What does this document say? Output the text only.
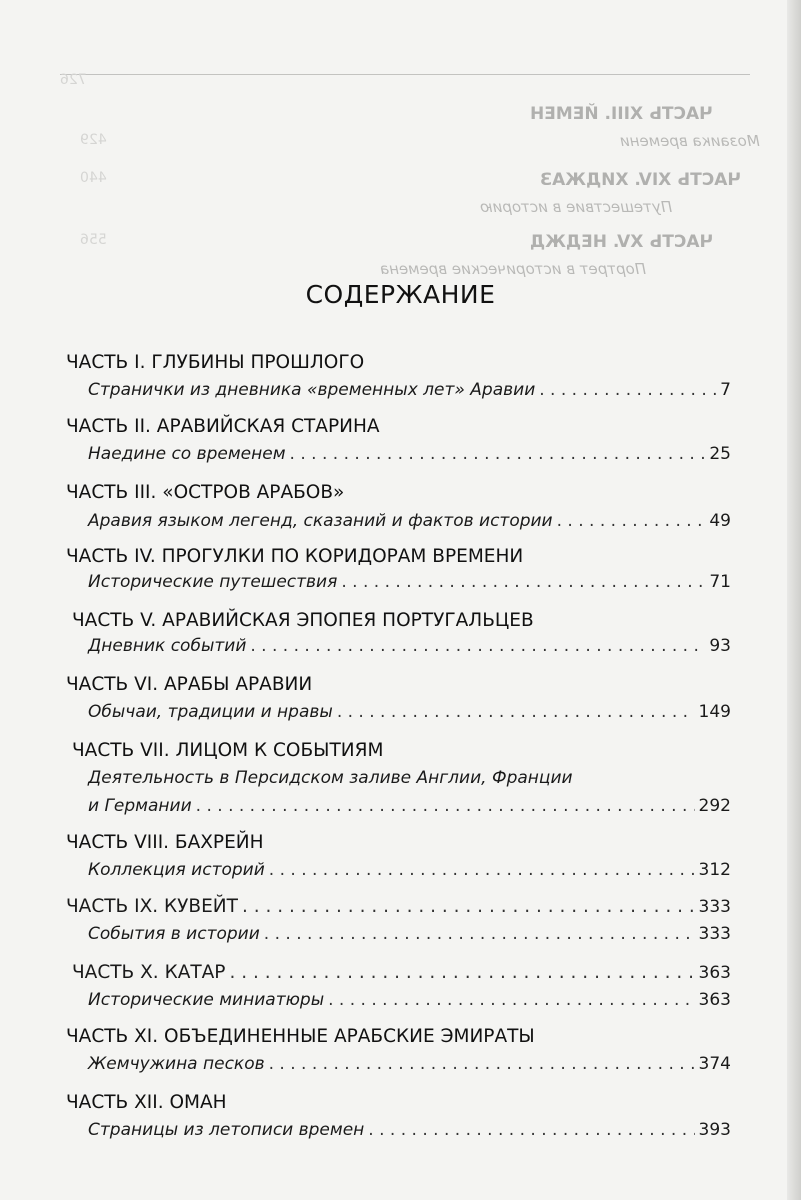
ЧАСТЬ XIII. ЙЕМЕН
ЧАСТЬ XIV. ХИДЖАЗ
ЧАСТЬ XV. НЕДЖД
Мозаика времени
Путешествие в историю
Портрет в исторические времена
726
429
440
556
СОДЕРЖАНИЕ
ЧАСТЬ I. ГЛУБИНЫ ПРОШЛОГО
Странички из дневника «временных лет» Аравии . . .	7
ЧАСТЬ II. АРАВИЙСКАЯ СТАРИНА
Наедине со временем . . .	25
ЧАСТЬ III. «ОСТРОВ АРАБОВ»
Аравия языком легенд, сказаний и фактов истории . . .	49
ЧАСТЬ IV. ПРОГУЛКИ ПО КОРИДОРАМ ВРЕМЕНИ
Исторические путешествия . . .	71
ЧАСТЬ V. АРАВИЙСКАЯ ЭПОПЕЯ ПОРТУГАЛЬЦЕВ
Дневник событий . . .	93
ЧАСТЬ VI. АРАБЫ АРАВИИ
Обычаи, традиции и нравы . . .	149
ЧАСТЬ VII. ЛИЦОМ К СОБЫТИЯМ
Деятельность в Персидском заливе Англии, Франции
и Германии . . .	292
ЧАСТЬ VIII. БАХРЕЙН
Коллекция историй . . .	312
ЧАСТЬ IX. КУВЕЙТ . . .	333
События в истории . . .	333
ЧАСТЬ X. КАТАР . . .	363
Исторические миниатюры . . .	363
ЧАСТЬ XI. ОБЪЕДИНЕННЫЕ АРАБСКИЕ ЭМИРАТЫ
Жемчужина песков . . .	374
ЧАСТЬ XII. ОМАН
Страницы из летописи времен . . .	393
